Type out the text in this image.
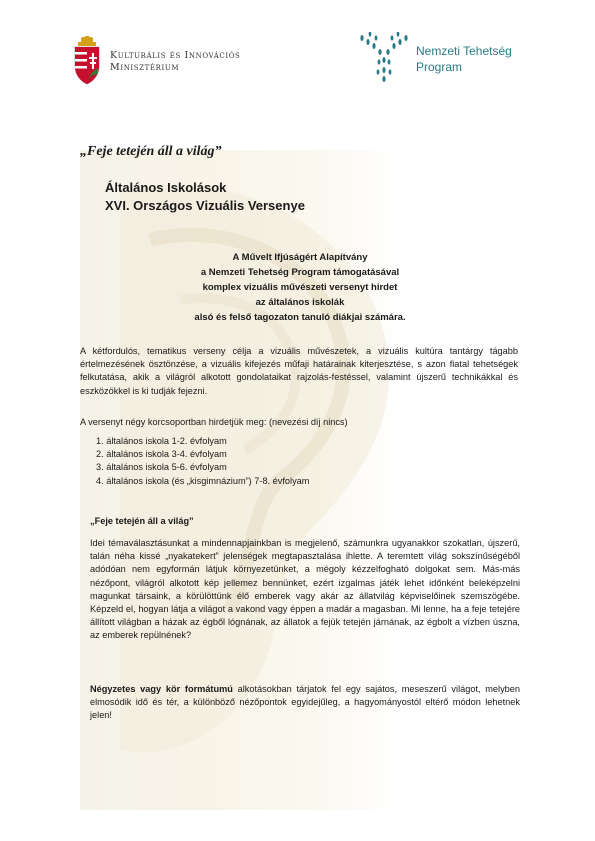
Kulturális és Innovációs
Minisztérium
Nemzeti Tehetség
Program
„Feje tetején áll a világ”
Általános Iskolások
XVI. Országos Vizuális Versenye
A Művelt Ifjúságért Alapítvány
a Nemzeti Tehetség Program támogatásával
komplex vizuális művészeti versenyt hirdet
az általános iskolák
alsó és felső tagozaton tanuló diákjai számára.
A kétfordulós, tematikus verseny célja a vizuális művészetek, a vizuális kultúra tantárgy tágabb értelmezésének ösztönzése, a vizuális kifejezés műfaji határainak kiterjesztése, s azon fiatal tehetségek felkutatása, akik a világról alkotott gondolataikat rajzolás-festéssel, valamint újszerű technikákkal és eszközökkel is ki tudják fejezni.
A versenyt négy korcsoportban hirdetjük meg: (nevezési díj nincs)
1. általános iskola 1-2. évfolyam
2. általános iskola 3-4. évfolyam
3. általános iskola 5-6. évfolyam
4. általános iskola (és „kisgimnázium”) 7-8. évfolyam
„Feje tetején áll a világ”
Idei témaválasztásunkat a mindennapjainkban is megjelenő, számunkra ugyanakkor szokatlan, újszerű, talán néha kissé „nyakatekert” jelenségek megtapasztalása ihlette. A teremtett világ sokszínűségéből adódóan nem egyformán látjuk környezetünket, a mégoly kézzelfogható dolgokat sem. Más-más nézőpont, világról alkotott kép jellemez bennünket, ezért izgalmas játék lehet időnként beleképzelni magunkat társaink, a körülöttünk élő emberek vagy akár az állatvilág képviselőinek szemszögébe. Képzeld el, hogyan látja a világot a vakond vagy éppen a madár a magasban. Mi lenne, ha a feje tetejére állított világban a házak az égből lógnának, az állatok a fejük tetején járnának, az égbolt a vízben úszna, az emberek repülnének?
Négyzetes vagy kör formátumú alkotásokban tárjatok fel egy sajátos, meseszerű világot, melyben elmosódik idő és tér, a különböző nézőpontok egyidejűleg, a hagyományostól eltérő módon lehetnek jelen!
